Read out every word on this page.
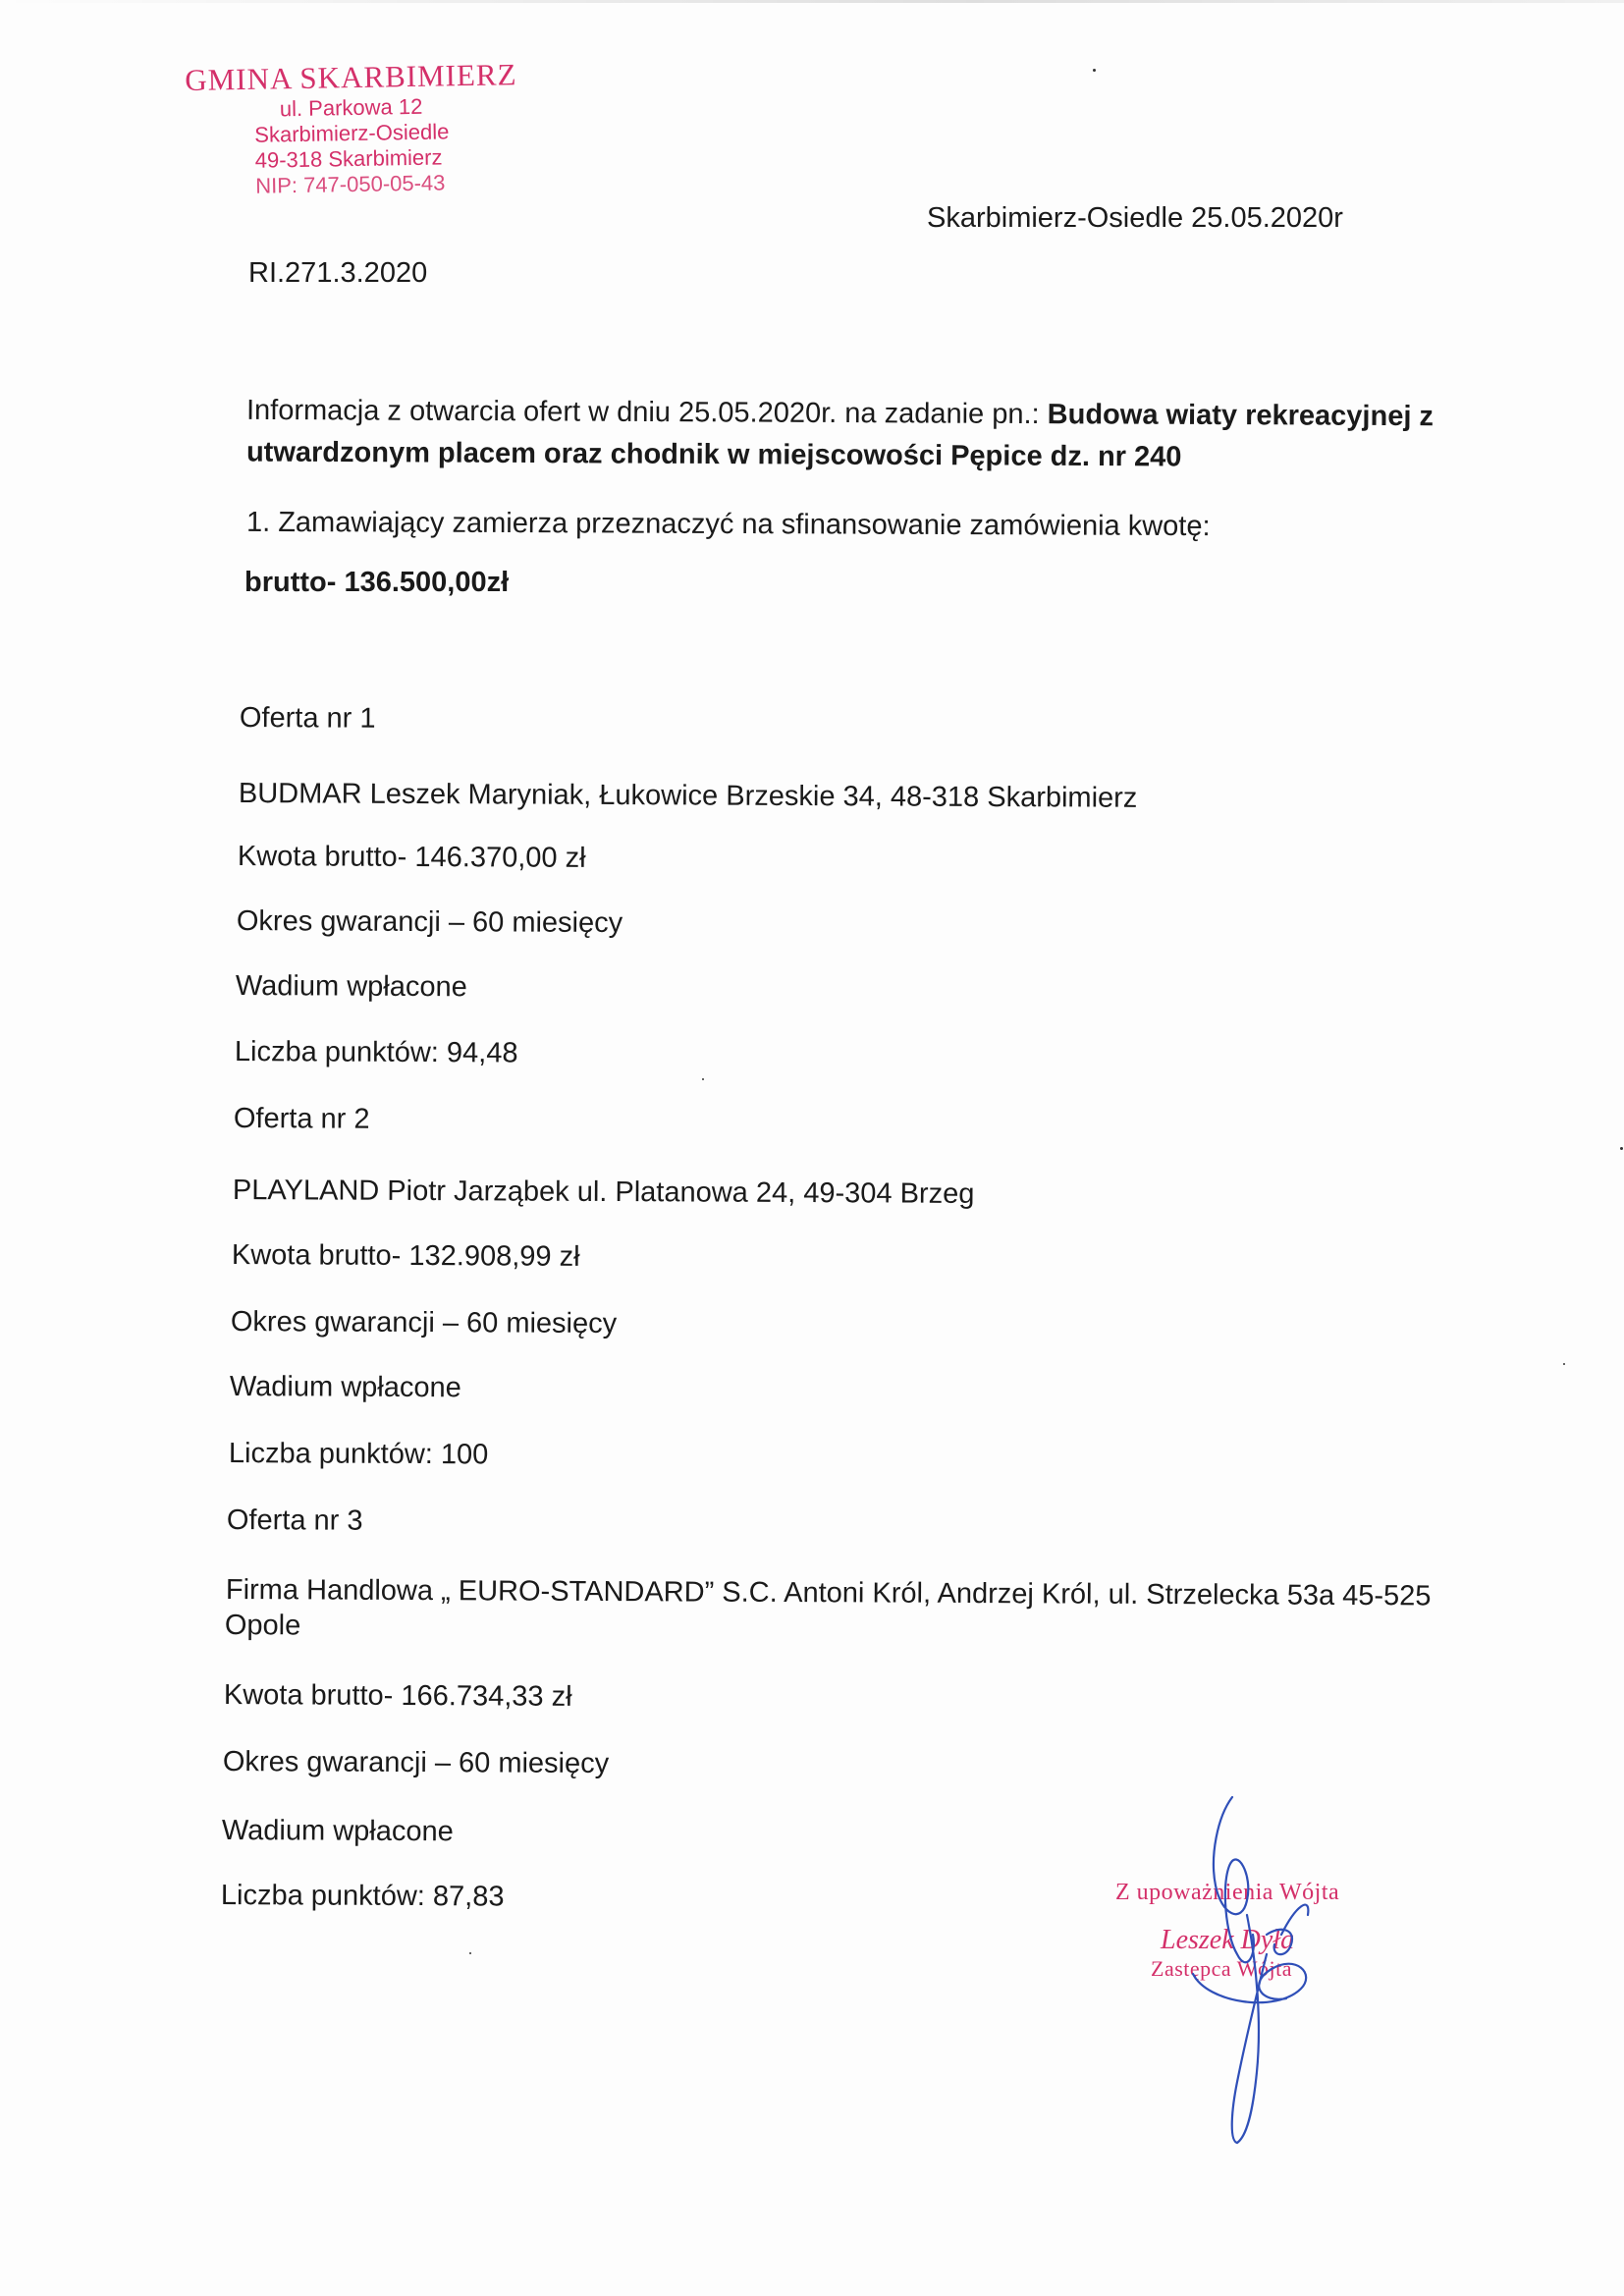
GMINA SKARBIMIERZ
ul. Parkowa 12
Skarbimierz-Osiedle
49-318 Skarbimierz
NIP: 747-050-05-43
Skarbimierz-Osiedle 25.05.2020r
RI.271.3.2020
Informacja z otwarcia ofert w dniu 25.05.2020r. na zadanie pn.: Budowa wiaty rekreacyjnej z
utwardzonym placem oraz chodnik w miejscowości Pępice dz. nr 240
1. Zamawiający zamierza przeznaczyć na sfinansowanie zamówienia kwotę:
brutto- 136.500,00zł
Oferta nr 1
BUDMAR Leszek Maryniak, Łukowice Brzeskie 34, 48-318 Skarbimierz
Kwota brutto- 146.370,00 zł
Okres gwarancji – 60 miesięcy
Wadium wpłacone
Liczba punktów: 94,48
Oferta nr 2
PLAYLAND Piotr Jarząbek ul. Platanowa 24, 49-304 Brzeg
Kwota brutto- 132.908,99 zł
Okres gwarancji – 60 miesięcy
Wadium wpłacone
Liczba punktów: 100
Oferta nr 3
Firma Handlowa „ EURO-STANDARD” S.C. Antoni Król, Andrzej Król, ul. Strzelecka 53a 45-525
Opole
Kwota brutto- 166.734,33 zł
Okres gwarancji – 60 miesięcy
Wadium wpłacone
Liczba punktów: 87,83	Z upoważnienia Wójta
Leszek Dyła
Zastępca Wójta
